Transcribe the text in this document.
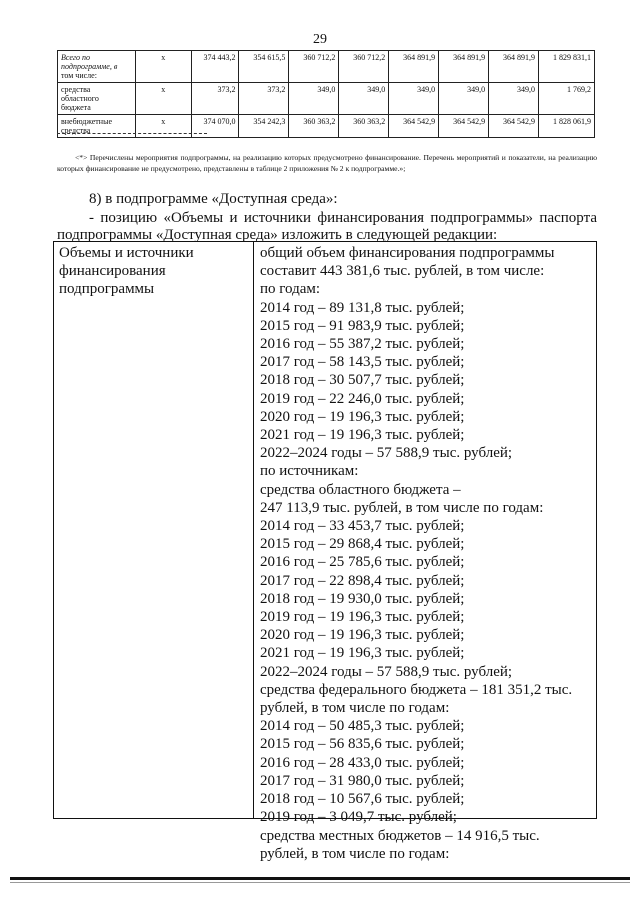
29
Всего по
подпрограмме, в
том числе:	х	374 443,2	354 615,5	360 712,2	360 712,2	364 891,9	364 891,9	364 891,9	1 829 831,1
средства
областного
бюджета	х	373,2	373,2	349,0	349,0	349,0	349,0	349,0	1 769,2
внебюджетные
средства	х	374 070,0	354 242,3	360 363,2	360 363,2	364 542,9	364 542,9	364 542,9	1 828 061,9
<*> Перечислены мероприятия подпрограммы, на реализацию которых предусмотрено финансирование. Перечень мероприятий и показатели, на реализацию которых финансирование не предусмотрено, представлены в таблице 2 приложения № 2 к подпрограмме.»;
8) в подпрограмме «Доступная среда»:
- позицию «Объемы и источники финансирования подпрограммы» паспорта подпрограммы «Доступная среда» изложить в следующей редакции:
Объемы и источники
финансирования
подпрограммы
общий объем финансирования подпрограммы
составит 443 381,6 тыс. рублей, в том числе:
по годам:
2014 год – 89 131,8 тыс. рублей;
2015 год – 91 983,9 тыс. рублей;
2016 год – 55 387,2 тыс. рублей;
2017 год – 58 143,5 тыс. рублей;
2018 год – 30 507,7 тыс. рублей;
2019 год – 22 246,0 тыс. рублей;
2020 год – 19 196,3 тыс. рублей;
2021 год – 19 196,3 тыс. рублей;
2022–2024 годы – 57 588,9 тыс. рублей;
по источникам:
средства областного бюджета –
247 113,9 тыс. рублей, в том числе по годам:
2014 год – 33 453,7 тыс. рублей;
2015 год – 29 868,4 тыс. рублей;
2016 год – 25 785,6 тыс. рублей;
2017 год – 22 898,4 тыс. рублей;
2018 год – 19 930,0 тыс. рублей;
2019 год – 19 196,3 тыс. рублей;
2020 год – 19 196,3 тыс. рублей;
2021 год – 19 196,3 тыс. рублей;
2022–2024 годы – 57 588,9 тыс. рублей;
средства федерального бюджета – 181 351,2 тыс.
рублей, в том числе по годам:
2014 год – 50 485,3 тыс. рублей;
2015 год – 56 835,6 тыс. рублей;
2016 год – 28 433,0 тыс. рублей;
2017 год – 31 980,0 тыс. рублей;
2018 год – 10 567,6 тыс. рублей;
2019 год – 3 049,7 тыс. рублей;
средства местных бюджетов – 14 916,5 тыс.
рублей, в том числе по годам:
